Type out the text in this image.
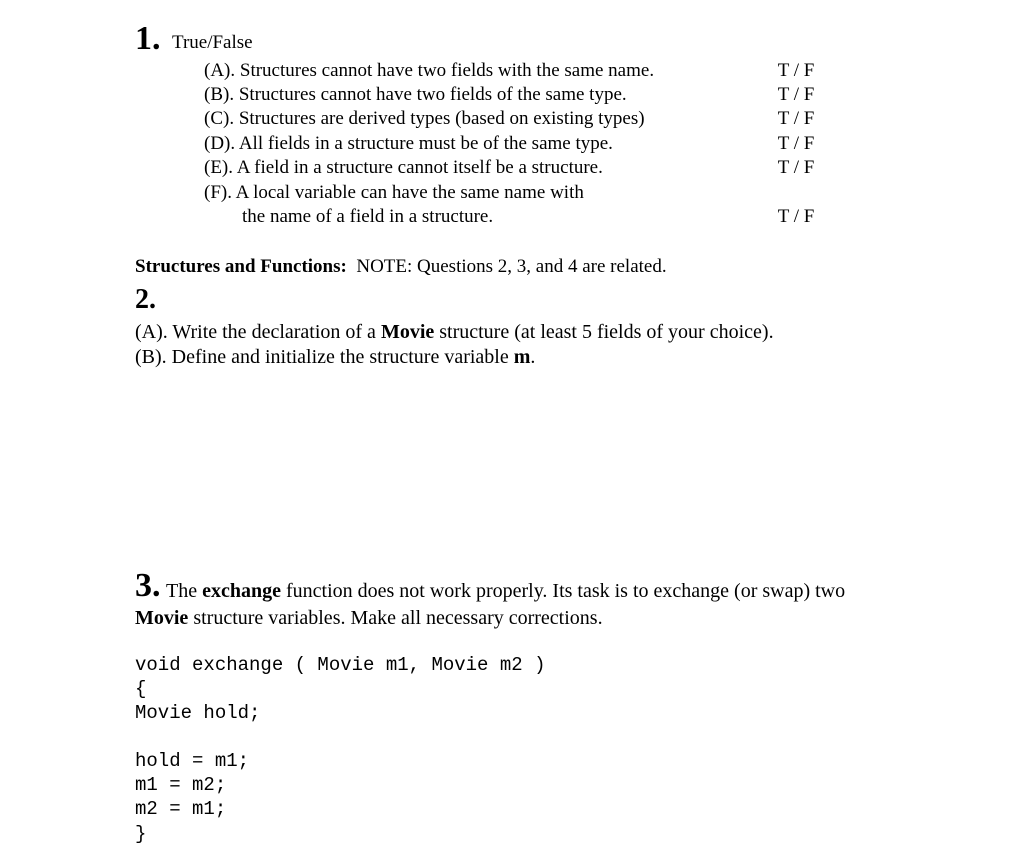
1. True/False
(A). Structures cannot have two fields with the same name.
(B). Structures cannot have two fields of the same type.
(C). Structures are derived types (based on existing types)
(D). All fields in a structure must be of the same type.
(E). A field in a structure cannot itself be a structure.
(F). A local variable can have the same name with
the name of a field in a structure.
T / F
T / F
T / F
T / F
T / F
T / F
Structures and Functions: NOTE: Questions 2, 3, and 4 are related.
2.
(A). Write the declaration of a Movie structure (at least 5 fields of your choice).
(B). Define and initialize the structure variable m.
3. The exchange function does not work properly. Its task is to exchange (or swap) two
Movie structure variables. Make all necessary corrections.
void exchange ( Movie m1, Movie m2 )
{
Movie hold;
hold = m1;
m1 = m2;
m2 = m1;
}
